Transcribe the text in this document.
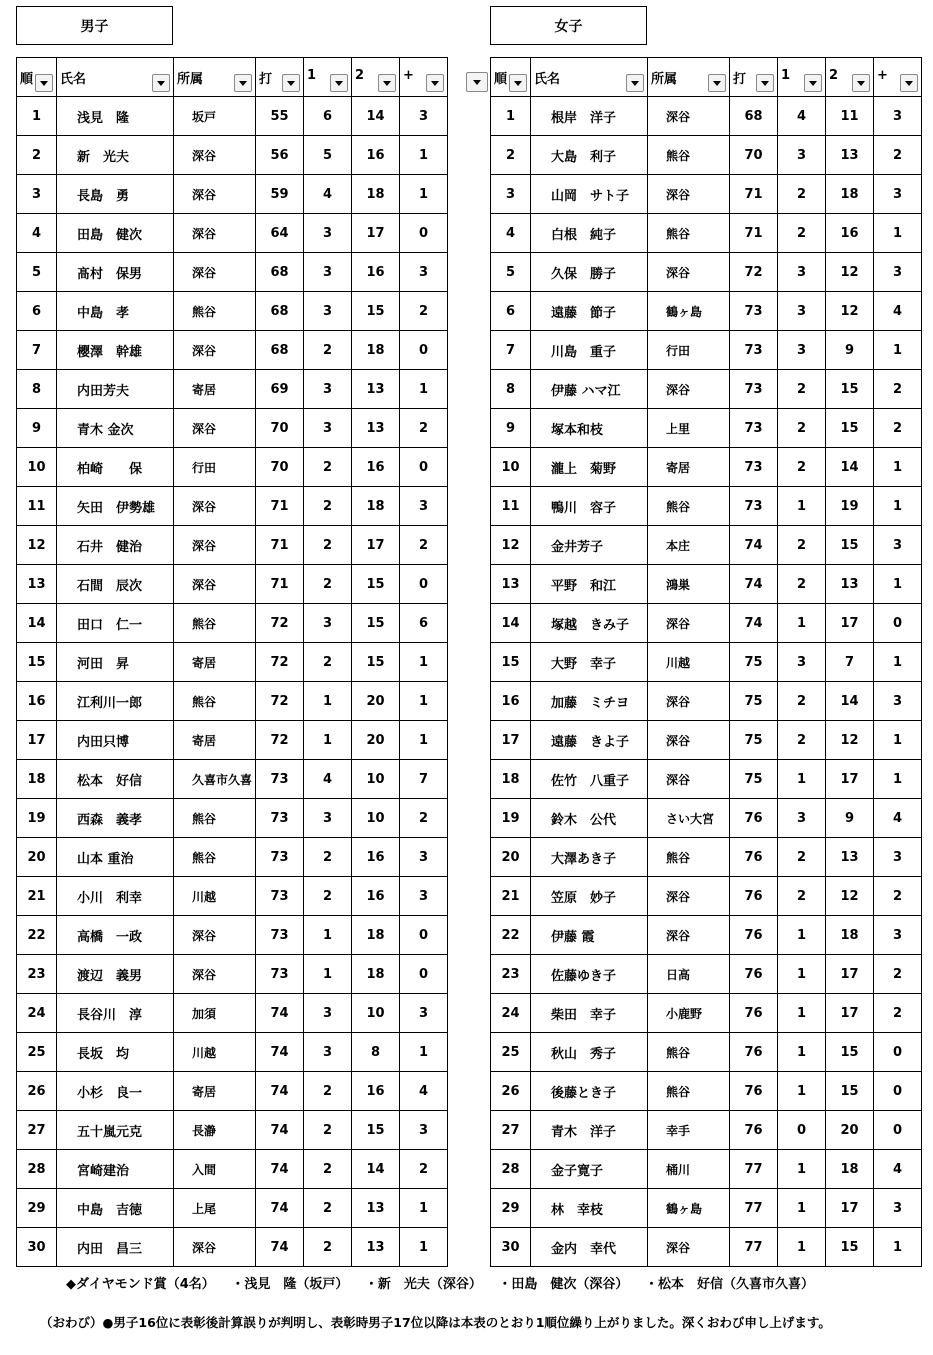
男子	女子
順	氏名	所属	打	1	2	+

1	浅見　隆	坂戸	55	6	14	3
2	新　光夫	深谷	56	5	16	1
3	長島　勇	深谷	59	4	18	1
4	田島　健次	深谷	64	3	17	0
5	髙村　保男	深谷	68	3	16	3
6	中島　孝	熊谷	68	3	15	2
7	櫻澤　幹雄	深谷	68	2	18	0
8	内田芳夫	寄居	69	3	13	1
9	青木 金次	深谷	70	3	13	2
10	柏崎　　保	行田	70	2	16	0
11	矢田　伊勢雄	深谷	71	2	18	3
12	石井　健治	深谷	71	2	17	2
13	石間　辰次	深谷	71	2	15	0
14	田口　仁一	熊谷	72	3	15	6
15	河田　昇	寄居	72	2	15	1
16	江利川一郎	熊谷	72	1	20	1
17	内田只博	寄居	72	1	20	1
18	松本　好信	久喜市久喜	73	4	10	7
19	西森　義孝	熊谷	73	3	10	2
20	山本 重治	熊谷	73	2	16	3
21	小川　利幸	川越	73	2	16	3
22	高橋　一政	深谷	73	1	18	0
23	渡辺　義男	深谷	73	1	18	0
24	長谷川　淳	加須	74	3	10	3
25	長坂　均	川越	74	3	8	1
26	小杉　良一	寄居	74	2	16	4
27	五十嵐元克	長瀞	74	2	15	3
28	宮崎建治	入間	74	2	14	2
29	中島　吉徳	上尾	74	2	13	1
30	内田　昌三	深谷	74	2	13	1
順	氏名	所属	打	1	2	+

1	根岸　洋子	深谷	68	4	11	3
2	大島　利子	熊谷	70	3	13	2
3	山岡　サト子	深谷	71	2	18	3
4	白根　純子	熊谷	71	2	16	1
5	久保　勝子	深谷	72	3	12	3
6	遠藤　節子	鶴ヶ島	73	3	12	4
7	川島　重子	行田	73	3	9	1
8	伊藤 ハマ江	深谷	73	2	15	2
9	塚本和枝	上里	73	2	15	2
10	瀧上　菊野	寄居	73	2	14	1
11	鴨川　容子	熊谷	73	1	19	1
12	金井芳子	本庄	74	2	15	3
13	平野　和江	鴻巣	74	2	13	1
14	塚越　きみ子	深谷	74	1	17	0
15	大野　幸子	川越	75	3	7	1
16	加藤　ミチヨ	深谷	75	2	14	3
17	遠藤　きよ子	深谷	75	2	12	1
18	佐竹　八重子	深谷	75	1	17	1
19	鈴木　公代	さい大宮	76	3	9	4
20	大澤あき子	熊谷	76	2	13	3
21	笠原　妙子	深谷	76	2	12	2
22	伊藤 霞	深谷	76	1	18	3
23	佐藤ゆき子	日高	76	1	17	2
24	柴田　幸子	小鹿野	76	1	17	2
25	秋山　秀子	熊谷	76	1	15	0
26	後藤とき子	熊谷	76	1	15	0
27	青木　洋子	幸手	76	0	20	0
28	金子寛子	桶川	77	1	18	4
29	林　幸枝	鶴ヶ島	77	1	17	3
30	金内　幸代	深谷	77	1	15	1
◆ダイヤモンド賞（4名） ・浅見　隆（坂戸） ・新　光夫（深谷） ・田島　健次（深谷） ・松本　好信（久喜市久喜）
（おわび）●男子16位に表彰後計算誤りが判明し、表彰時男子17位以降は本表のとおり1順位繰り上がりました。深くおわび申し上げます。
